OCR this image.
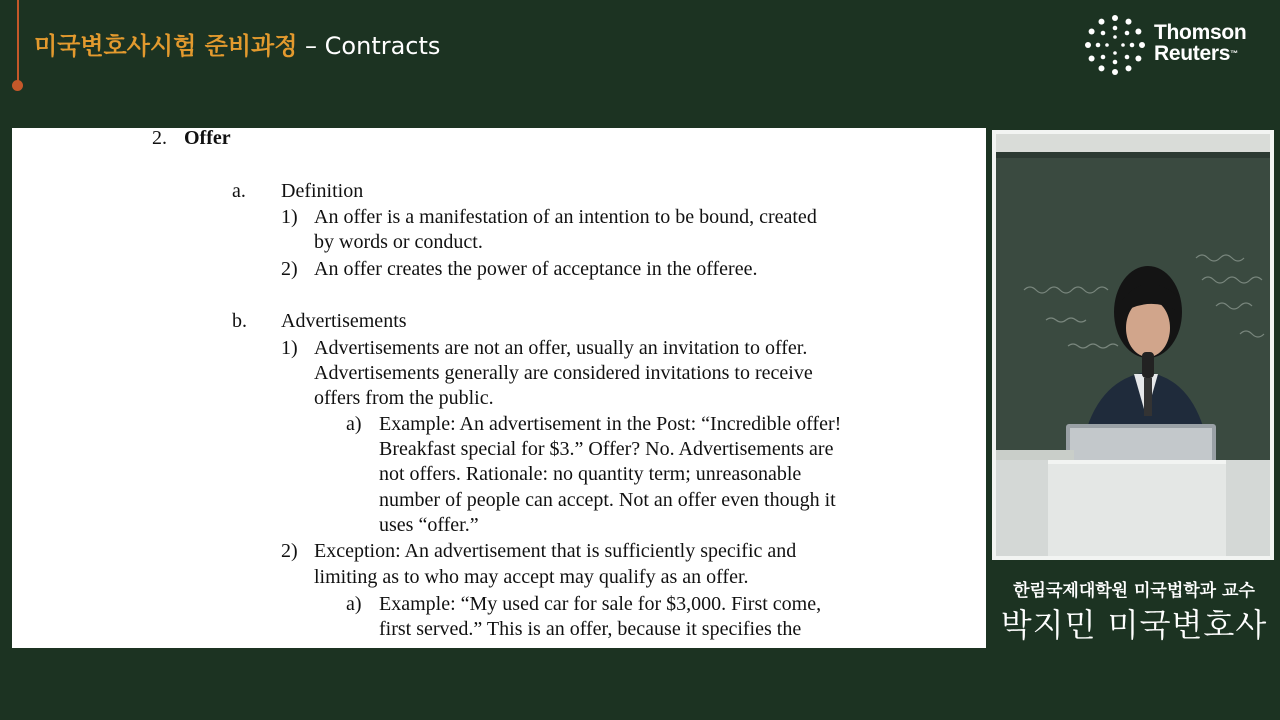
미국변호사시험 준비과정 – Contracts	Thomson
Reuters™
2. Offer
a. Definition
1) An offer is a manifestation of an intention to be bound, created
by words or conduct.
2) An offer creates the power of acceptance in the offeree.
b. Advertisements
1) Advertisements are not an offer, usually an invitation to offer.
Advertisements generally are considered invitations to receive
offers from the public.
a) Example: An advertisement in the Post: “Incredible offer!
Breakfast special for $3.” Offer? No. Advertisements are
not offers. Rationale: no quantity term; unreasonable
number of people can accept. Not an offer even though it
uses “offer.”
2) Exception: An advertisement that is sufficiently specific and
limiting as to who may accept may qualify as an offer.
a) Example: “My used car for sale for $3,000. First come,
first served.” This is an offer, because it specifies the
한림국제대학원 미국법학과 교수
박지민 미국변호사
